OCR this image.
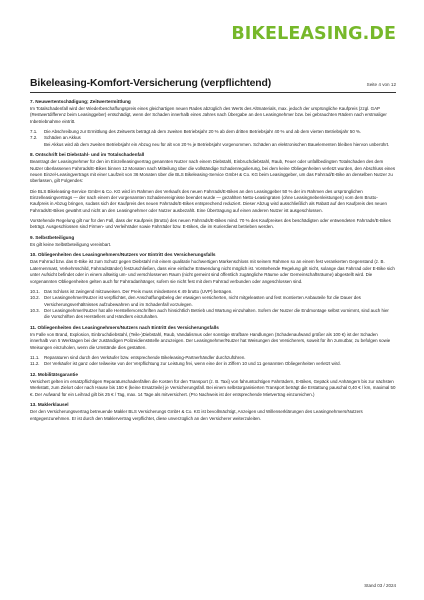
BIKELEASING.DE
Bikeleasing-Komfort-Versicherung (verpflichtend)	Seite 4 von 12
7. Neuwertentschädigung; Zeitwertermittlung
Im Totalschadenfall wird der Wiederbeschaffungspreis eines gleichartigen neuen Rades abzüglich des Werts des Altmaterials, max. jedoch der ursprüngliche Kaufpreis (zzgl. GAP (Restwertdifferenz beim Leasinggeber) entschädigt, wenn der Schaden innerhalb eines Jahres nach Übergabe an den Leasingnehmer bzw. bei gebrauchten Rädern nach erstmaliger Inbetriebnahme eintritt.
7.1.	Die Abschreibung zur Ermittlung des Zeitwerts beträgt ab dem zweiten Betriebsjahr 20 % ab dem dritten Betriebsjahr 40 % und ab dem vierten Betriebsjahr 50 %.
7.2.	Schäden an Akkus
Bei Akkus wird ab dem zweiten Betriebsjahr ein Abzug neu für alt von 20 % je Betriebsjahr vorgenommen. Schäden an elektronischen Bauelementen bleiben hiervon unberührt.
8. Ontschrift bei Diebstahl- und im Totalschadenfall
Beantragt der Leasingnehmer für den im Einzelleasingvertrag genannten Nutzer nach einem Diebstahl, Einbruchdiebstahl, Raub, Feuer oder unfallbedingten Totalschaden des dem Nutzer überlassenen Fahrrads/E-Bikes binnen 12 Monaten nach Mitteilung über die vollständige Schadenregulierung, bei dem keine Obliegenheiten verletzt wurden, den Abschluss eines neuen Einzel-Leasingvertrags mit einer Laufzeit von 36 Monaten über die BLS Bikeleasing-Service GmbH & Co. KG beim Leasinggeber, um das Fahrrad/E-Bike an denselben Nutzer zu überlassen, gilt Folgendes:
Die BLS Bikeleasing-Service GmbH & Co. KG wird im Rahmen des Verkaufs des neuen Fahrrads/E-Bikes an den Leasinggeber 50 % der im Rahmen des ursprünglichen Einzelleasingvertrags — der nach einem der vorgenannten Schadenereignisse beendet wurde — gezahlten Netto-Leasingraten (ohne Leasingnebenleistungen) vom dem Brutto-Kaufpreis in Abzug bringen, sodass sich der Kaufpreis des neuen Fahrrads/E-Bikes entsprechend reduziert. Dieser Abzug wird ausschließlich als Rabatt auf den Kaufpreis des neuen Fahrrads/E-Bikes gewährt und nicht an den Leasingnehmer oder Nutzer ausbezahlt. Eine Übertragung auf einen anderen Nutzer ist ausgeschlossen.
Vorstehende Regelung gilt nur für den Fall, dass der Kaufpreis (Brutto) des neuen Fahrrads/E-Bikes mind. 70 % des Kaufpreises des beschädigten oder entwendeten Fahrrads/E-Bikes beträgt. Ausgeschlossen sind Firmen- und Verleihräder sowie Fahrräder bzw. E-Bikes, die im Kurierdienst betrieben werden.
9. Selbstbeteiligung
Es gilt keine Selbstbeteiligung vereinbart.
10. Obliegenheiten des Leasingnehmers/Nutzers vor Eintritt des Versicherungsfalls
Das Fahrrad bzw. das E-Bike ist zum Schutz gegen Diebstahl mit einem qualitativ hochwertigen Markenschloss mit seinem Rahmen so an einem fest verankerten Gegenstand (z. B. Laternenmast, Verkehrsschild, Fahrradständer) festzuschließen, dass eine einfache Entwendung nicht möglich ist. Vorstehende Regelung gilt nicht, solange das Fahrrad oder E-Bike sich unter Aufsicht befindet oder in einem allseitig um- und verschlossenen Raum (nicht gemeint sind öffentlich zugängliche Räume oder Gemeinschaftsräume) abgestellt wird. Die vorgenannten Obliegenheiten gelten auch für Fahrradanhänger, sofern sie nicht fest mit dem Fahrrad verbunden oder angeschlossen sind.
10.1. Das Schloss ist zwingend mitzuweisen. Der Preis muss mindestens € 49 brutto (UVP) betragen.
10.2. Der Leasingnehmer/Nutzer ist verpflichtet, den Anschaffungsbeleg der etwaigen versicherten, nicht mitgeleasten und fest montierten Anbauteile für die Dauer des Versicherungsverhältnisses aufzubewahren und im Schadenfall vorzulegen.
10.3. Der Leasingnehmer/Nutzer hat alle Herstellervorschriften auch hinsichtlich Betrieb und Wartung einzuhalten. Sofern der Nutzer die Endmontage selbst vornimmt, sind auch hier die Vorschriften des Herstellers und Händlers einzuhalten.
11. Obliegenheiten des Leasingnehmers/Nutzers nach Eintritt des Versicherungsfalls
Im Falle von Brand, Explosion, Einbruchdiebstahl, (Teile-)Diebstahl, Raub, Vandalismus oder sonstige strafbare Handlungen (Schadenaufwand größer als 100 €) ist der Schaden innerhalb von 5 Werktagen bei der zuständigen Polizeidienststelle anzuzeigen. Der Leasingnehmer/Nutzer hat Weisungen des Versicherers, soweit für ihn zumutbar, zu befolgen sowie Weisungen einzuholen, wenn die Umstände dies gestatten.
11.1.	Reparaturen sind durch den Verkäufer bzw. entsprechende Bikeleasing-Partnerhändler durchzuführen.
11.2.	Der Verkäufer ist ganz oder teilweise von der Verpflichtung zur Leistung frei, wenn eine der in Ziffern 10 und 11 genannten Obliegenheiten verletzt wird.
12. Mobilitätsgarantie
Versichert gelten im ersatzpflichtigen Reparaturschadenfällen die Kosten für den Transport (z. B. Taxi) von fahruntüchtigen Fahrrädern, E-Bikes, Gepäck und Anhängern bis zur nächsten Werkstatt, zum Zielort oder nach Hause bis 150 € (keine Ersatzteile) je Versicherungsfall. Bei einem selbstorganisierten Transport beträgt die Erstattung pauschal 0,40 € / km, maximal 50 €. Der Aufwand für ein Leihrad gilt bis 25 € / Tag, max. 14 Tage als mitversichert. (Pro Nachweis ist der entsprechende Mietvertrag einzureichen.)
13. Maklerklausel
Der den Versicherungsvertrag betreuende Makler BLS Versicherungs GmbH & Co. KG ist bevollmächtigt, Anzeigen und Willenserklärungen des Leasingnehmers/Nutzers entgegenzunehmen. Er ist durch den Maklervertrag verpflichtet, diese unverzüglich an den Versicherer weiterzuleiten.
Stand 03 / 2024
